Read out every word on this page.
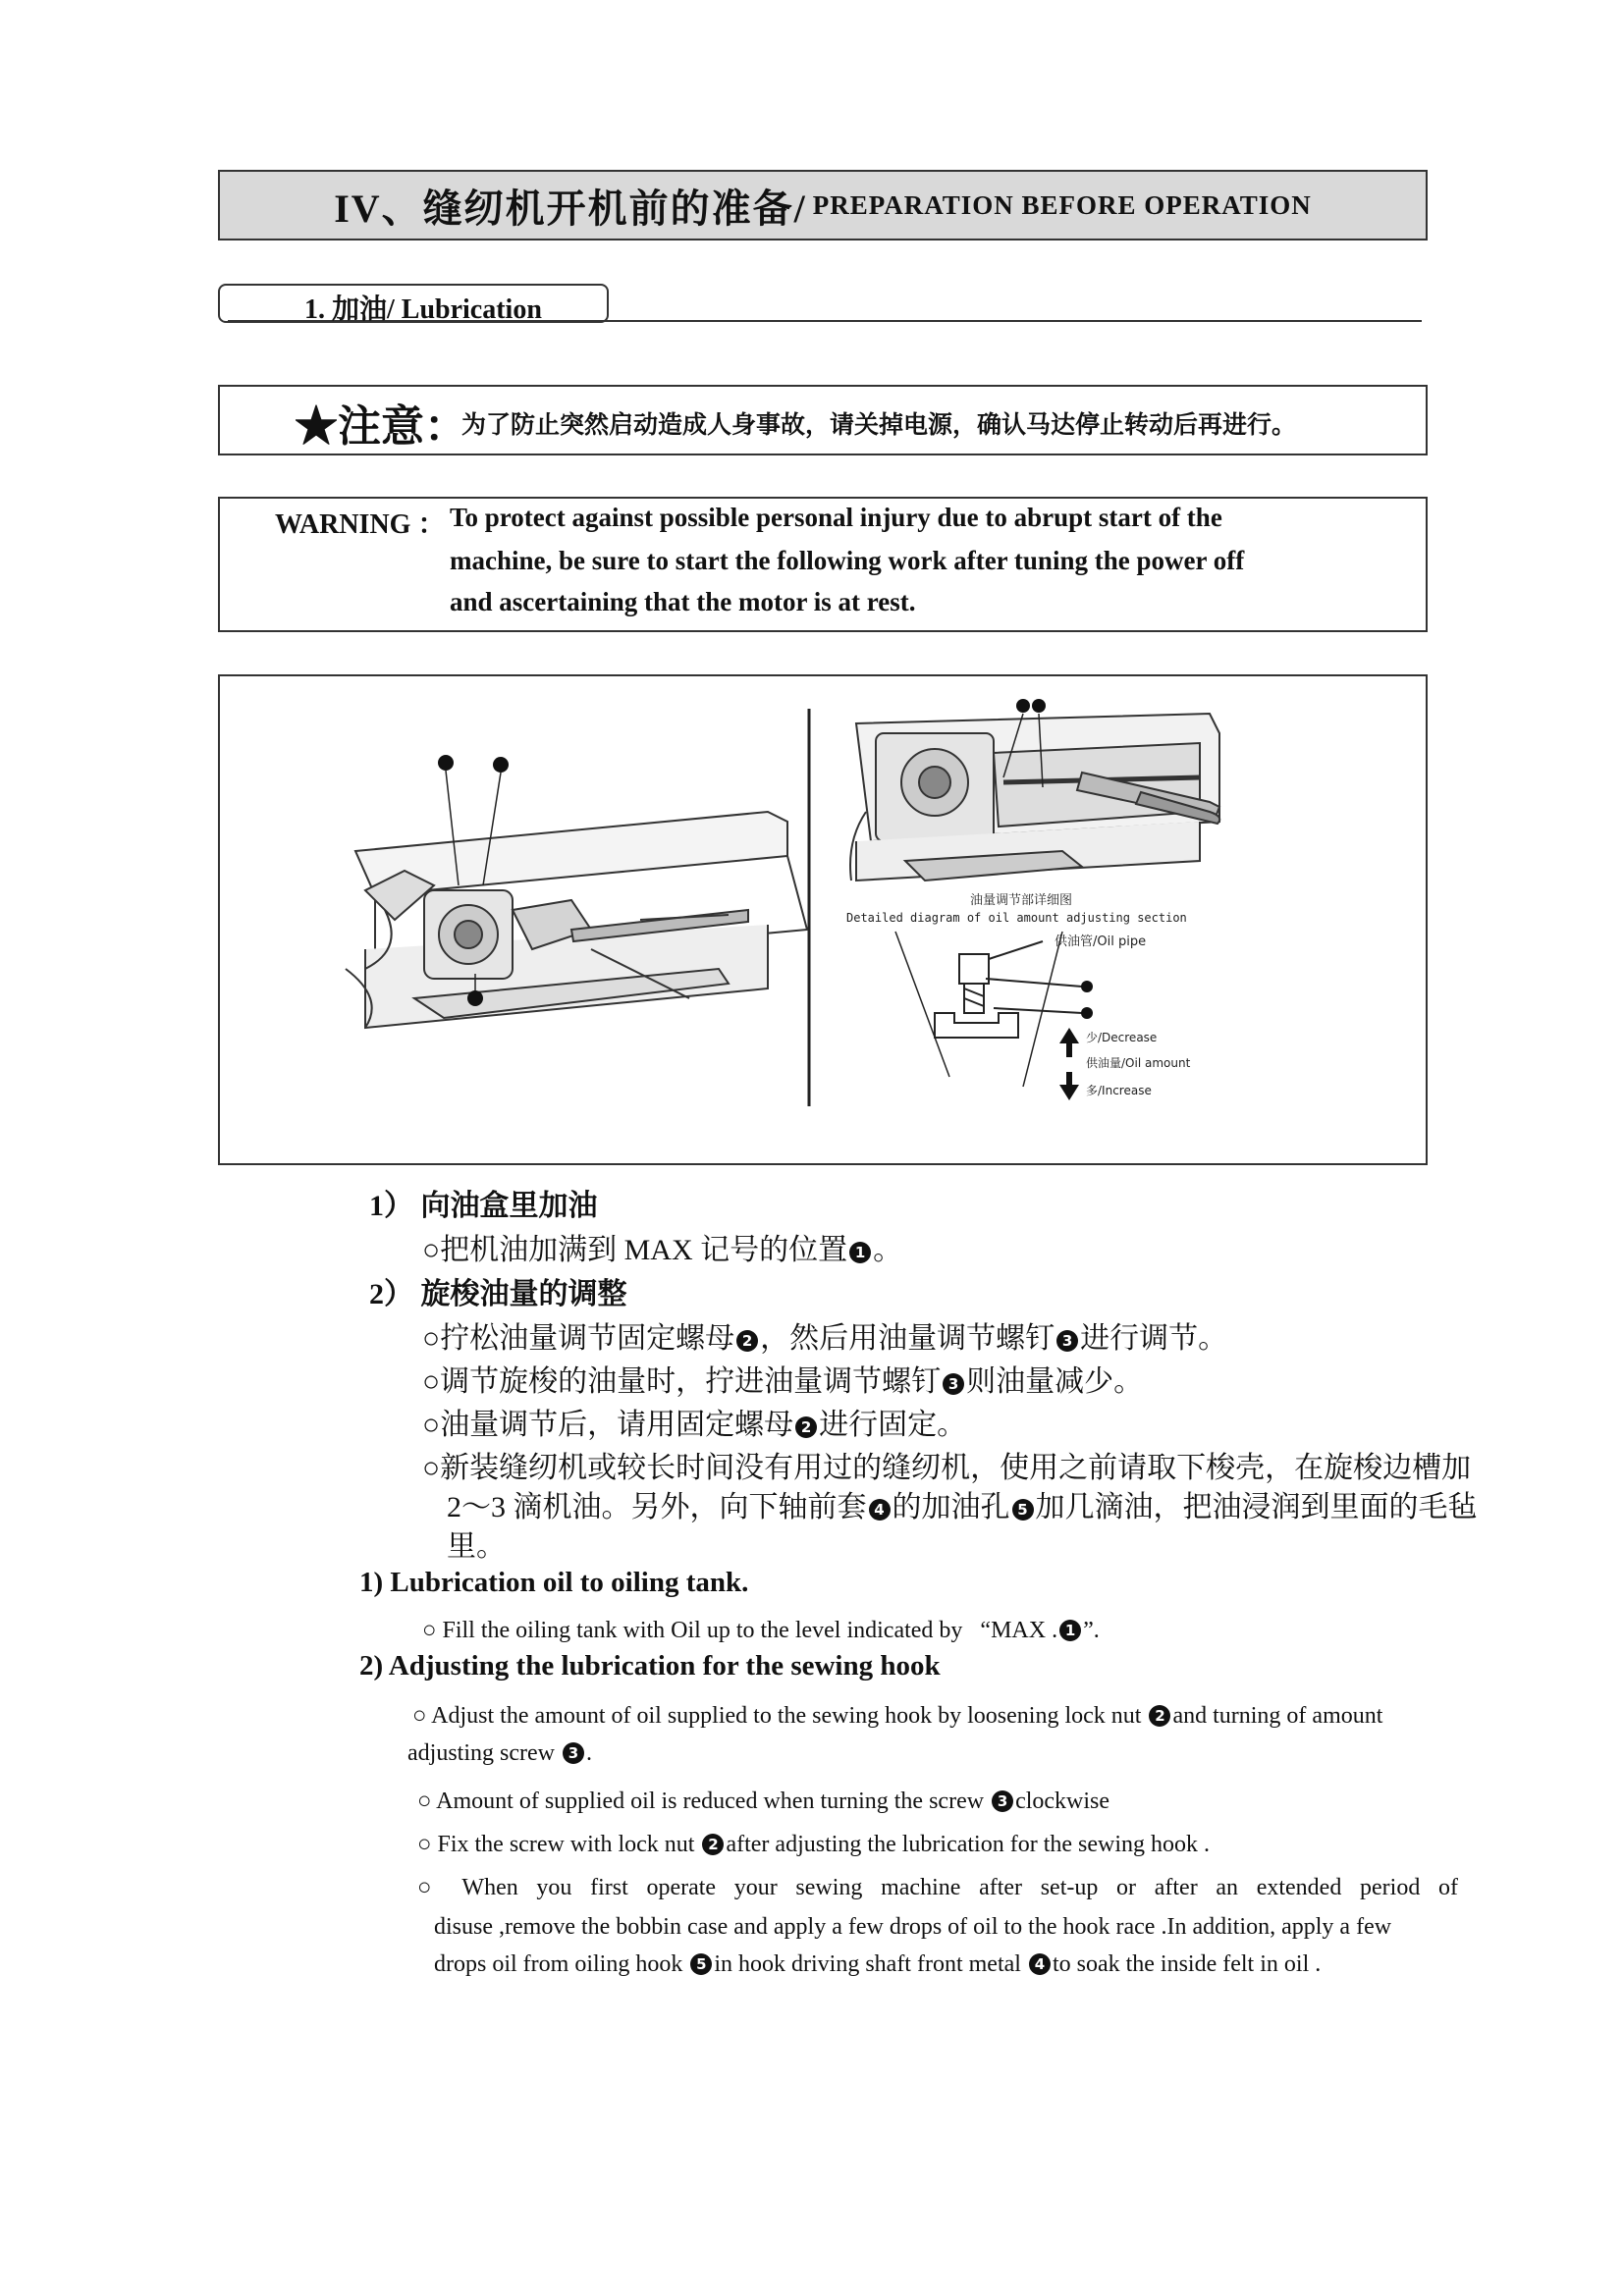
IV、缝纫机开机前的准备/ PREPARATION BEFORE OPERATION
1. 加油/ Lubrication
★注意：
为了防止突然启动造成人身事故，请关掉电源，确认马达停止转动后再进行。
WARNING ： To protect against possible personal injury due to abrupt start of the
machine, be sure to start the following work after tuning the power off
and ascertaining that the motor is at rest.
油量调节部详细图
Detailed diagram of oil amount adjusting section
供油管/Oil pipe
少/Decrease
供油量/Oil amount
多/Increase
1） 向油盒里加油
○把机油加满到 MAX 记号的位置 1 。
2） 旋梭油量的调整
○拧松油量调节固定螺母 2 ，然后用油量调节螺钉 3 进行调节。
○调节旋梭的油量时，拧进油量调节螺钉 3 则油量减少。
○油量调节后，请用固定螺母 2 进行固定。
○新装缝纫机或较长时间没有用过的缝纫机，使用之前请取下梭壳，在旋梭边槽加
2～3 滴机油。另外，向下轴前套 4 的加油孔 5 加几滴油，把油浸润到里面的毛毡
里。
1) Lubrication oil to oiling tank.
○ Fill the oiling tank with Oil up to the level indicated by   “MAX . 1 ”.
2) Adjusting the lubrication for the sewing hook
○ Adjust the amount of oil supplied to the sewing hook by loosening lock nut 2 and turning of amount
adjusting screw 3 .
○ Amount of supplied oil is reduced when turning the screw 3 clockwise
○ Fix the screw with lock nut 2 after adjusting the lubrication for the sewing hook .
○ When you first operate your sewing machine after set-up or after an extended period of
disuse ,remove the bobbin case and apply a few drops of oil to the hook race .In addition, apply a few
drops oil from oiling hook 5 in hook driving shaft front metal 4 to soak the inside felt in oil .
